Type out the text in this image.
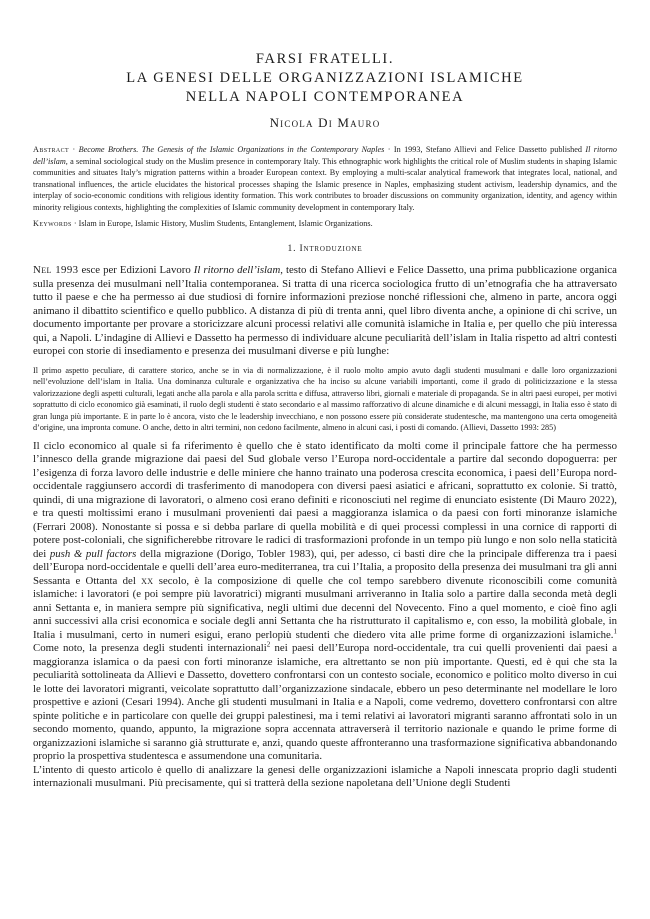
FARSI FRATELLI.
LA GENESI DELLE ORGANIZZAZIONI ISLAMICHE
NELLA NAPOLI CONTEMPORANEA
Nicola Di Mauro
Abstract · Become Brothers. The Genesis of the Islamic Organizations in the Contemporary Naples · In 1993, Stefano Allievi and Felice Dassetto published Il ritorno dell’islam, a seminal sociological study on the Muslim presence in contemporary Italy. This ethnographic work highlights the critical role of Muslim students in shaping Islamic communities and situates Italy’s migration patterns within a broader European context. By employing a multi-scalar analytical framework that integrates local, national, and transnational influences, the article elucidates the historical processes shaping the Islamic presence in Naples, emphasizing student activism, leadership dynamics, and the interplay of socio-economic conditions with religious identity formation. This work contributes to broader discussions on community organization, identity, and agency within minority religious contexts, highlighting the complexities of Islamic community development in contemporary Italy.
Keywords · Islam in Europe, Islamic History, Muslim Students, Entanglement, Islamic Organizations.
1. Introduzione

Nel 1993 esce per Edizioni Lavoro Il ritorno dell’islam, testo di Stefano Allievi e Felice Dassetto, una prima pubblicazione organica sulla presenza dei musulmani nell’Italia contemporanea. Si tratta di una ricerca sociologica frutto di un’etnografia che ha attraversato tutto il paese e che ha permesso ai due studiosi di fornire informazioni preziose nonché riflessioni che, almeno in parte, ancora oggi animano il dibattito scientifico e quello pubblico. A distanza di più di trenta anni, quel libro diventa anche, a opinione di chi scrive, un documento importante per provare a storicizzare alcuni processi relativi alle comunità islamiche in Italia e, per quello che più interessa qui, a Napoli. L’indagine di Allievi e Dassetto ha permesso di individuare alcune peculiarità dell’islam in Italia rispetto ad altri contesti europei con storie di insediamento e presenza dei musulmani diverse e più lunghe:

Il primo aspetto peculiare, di carattere storico, anche se in via di normalizzazione, è il ruolo molto ampio avuto dagli studenti musulmani e dalle loro organizzazioni nell’evoluzione dell’islam in Italia. Una dominanza culturale e organizzativa che ha inciso su alcune variabili importanti, come il grado di politicizzazione e la stessa valorizzazione degli aspetti culturali, legati anche alla parola e alla parola scritta e diffusa, attraverso libri, giornali e materiale di propaganda. Se in altri paesi europei, per motivi soprattutto di ciclo economico già esaminati, il ruolo degli studenti è stato secondario e al massimo rafforzativo di alcune dinamiche e di alcuni messaggi, in Italia esso è stato di gran lunga più importante. E in parte lo è ancora, visto che le leadership invecchiano, e non possono essere più considerate studentesche, ma mantengono una certa omogeneità d’origine, una impronta comune. O anche, detto in altri termini, non cedono facilmente, almeno in alcuni casi, i posti di comando. (Allievi, Dassetto 1993: 285)

Il ciclo economico al quale si fa riferimento è quello che è stato identificato da molti come il principale fattore che ha permesso l’innesco della grande migrazione dai paesi del Sud globale verso l’Europa nord-occidentale a partire dal secondo dopoguerra: per l’esigenza di forza lavoro delle industrie e delle miniere che hanno trainato una poderosa crescita economica, i paesi dell’Europa nord-occidentale raggiunsero accordi di trasferimento di manodopera con diversi paesi asiatici e africani, soprattutto ex colonie. Si trattò, quindi, di una migrazione di lavoratori, o almeno così erano definiti e riconosciuti nel regime di enunciato esistente (Di Mauro 2022), e tra questi moltissimi erano i musulmani provenienti dai paesi a maggioranza islamica o da paesi con forti minoranze islamiche (Ferrari 2008). Nonostante si possa e si debba parlare di quella mobilità e di quei processi complessi in una cornice di rapporti di potere post-coloniali, che significherebbe ritrovare le radici di trasformazioni profonde in un tempo più lungo e non solo nella staticità dei push & pull factors della migrazione (Dorigo, Tobler 1983), qui, per adesso, ci basti dire che la principale differenza tra i paesi dell’Europa nord-occidentale e quelli dell’area euro-mediterranea, tra cui l’Italia, a proposito della presenza dei musulmani tra gli anni Sessanta e Ottanta del xx secolo, è la composizione di quelle che col tempo sarebbero divenute riconoscibili come comunità islamiche: i lavoratori (e poi sempre più lavoratrici) migranti musulmani arriveranno in Italia solo a partire dalla seconda metà degli anni Settanta e, in maniera sempre più significativa, negli ultimi due decenni del Novecento. Fino a quel momento, e cioè fino agli anni successivi alla crisi economica e sociale degli anni Settanta che ha ristrutturato il capitalismo e, con esso, la mobilità globale, in Italia i musulmani, certo in numeri esigui, erano perlopiù studenti che diedero vita alle prime forme di organizzazioni islamiche.$^1$ Come noto, la presenza degli studenti internazionali$^2$ nei paesi dell’Europa nord-occidentale, tra cui quelli provenienti dai paesi a maggioranza islamica o da paesi con forti minoranze islamiche, era altrettanto se non più importante. Questi, ed è qui che sta la peculiarità sottolineata da Allievi e Dassetto, dovettero confrontarsi con un contesto sociale, economico e politico molto diverso in cui le lotte dei lavoratori migranti, veicolate soprattutto dall’organizzazione sindacale, ebbero un peso determinante nel modellare le loro prospettive e azioni (Cesari 1994). Anche gli studenti musulmani in Italia e a Napoli, come vedremo, dovettero confrontarsi con altre spinte politiche e in particolare con quelle dei gruppi palestinesi, ma i temi relativi ai lavoratori migranti saranno affrontati solo in un secondo momento, quando, appunto, la migrazione sopra accennata attraverserà il territorio nazionale e quando le prime forme di organizzazioni islamiche si saranno già strutturate e, anzi, quando queste affronteranno una trasformazione significativa abbandonando proprio la prospettiva studentesca e assumendone una comunitaria.

L’intento di questo articolo è quello di analizzare la genesi delle organizzazioni islamiche a Napoli innescata proprio dagli studenti internazionali musulmani. Più precisamente, qui si tratterà della sezione napoletana dell’Unione degli Studenti
